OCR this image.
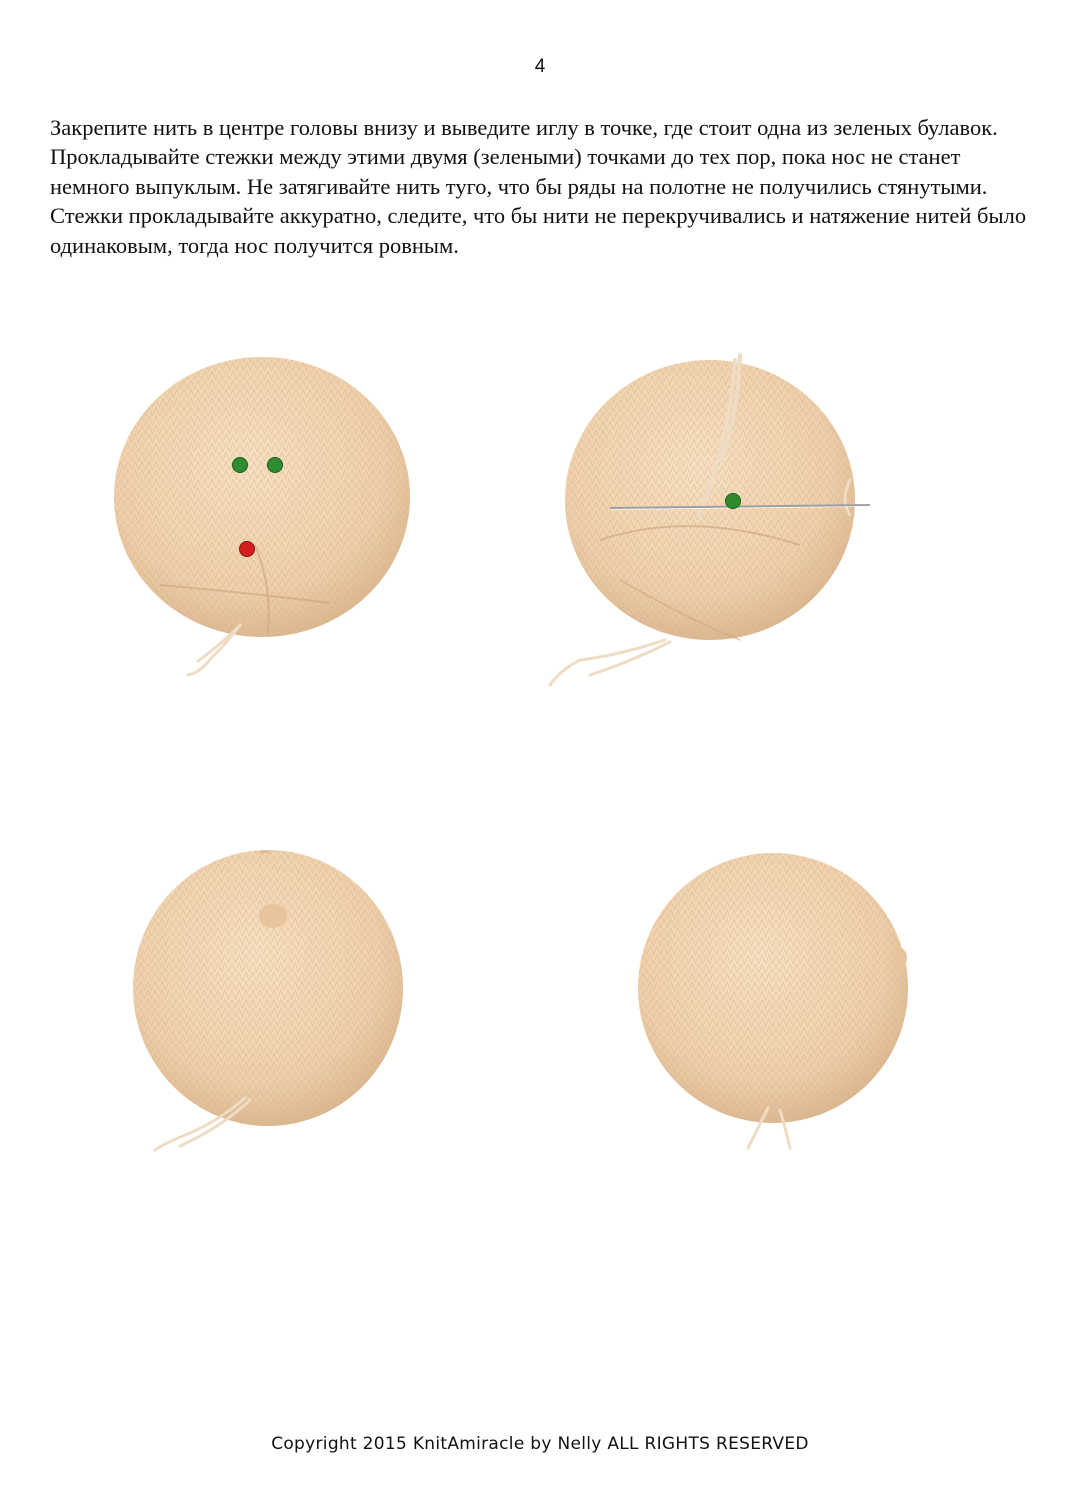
4

Закрепите нить в центре головы внизу и выведите иглу в точке, где стоит одна из зеленых булавок. Прокладывайте стежки между этими двумя (зелеными) точками до тех пор, пока нос не станет немного выпуклым. Не затягивайте нить туго, что бы ряды на полотне не получились стянутыми. Стежки прокладывайте аккуратно, следите, что бы нити не перекручивались и натяжение нитей было одинаковым, тогда нос получится ровным.

Copyright 2015 KnitAmiracle by Nelly ALL RIGHTS RESERVED
